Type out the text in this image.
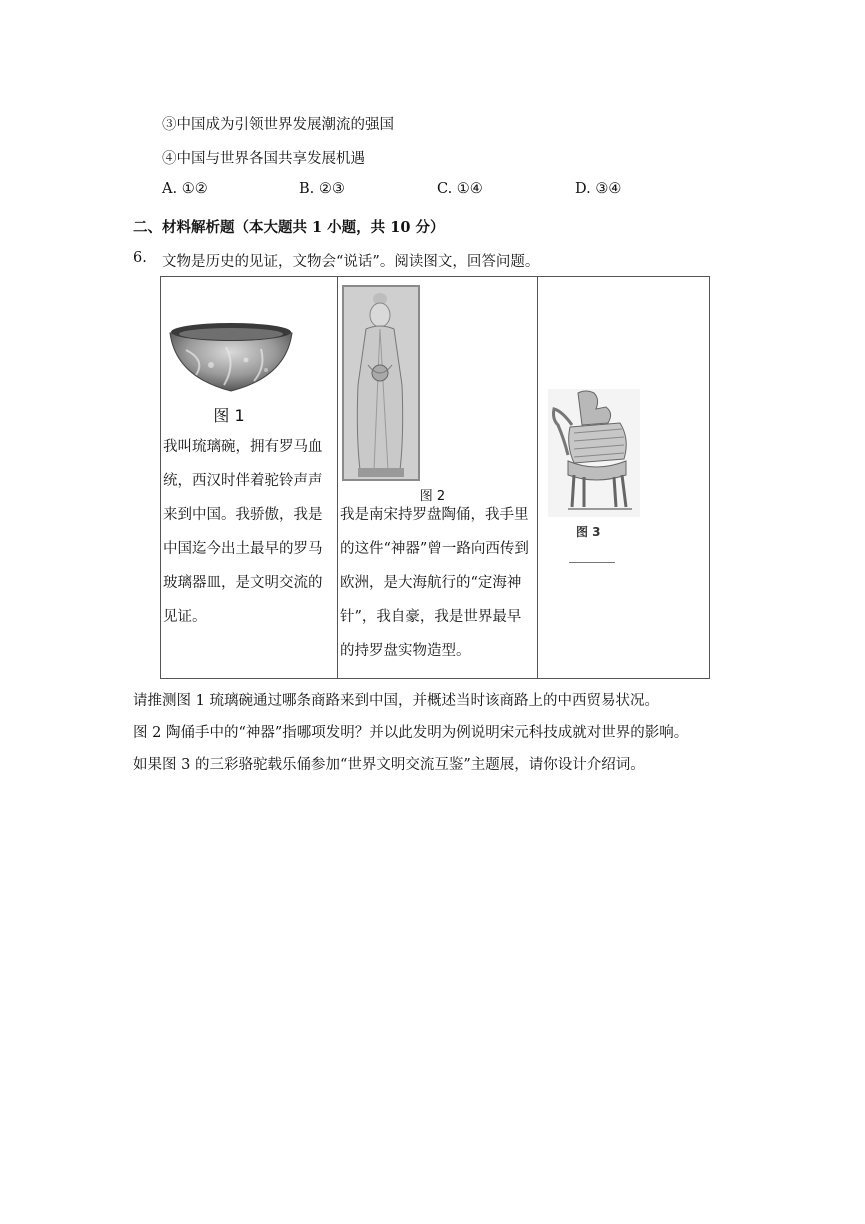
③中国成为引领世界发展潮流的强国
④中国与世界各国共享发展机遇
A. ①②	B. ②③	C. ①④	D. ③④
二、材料解析题（本大题共 1 小题，共 10 分）
6. 文物是历史的见证，文物会“说话”。阅读图文，回答问题。
图 1
我叫琉璃碗，拥有罗马血统，西汉时伴着驼铃声声来到中国。我骄傲，我是中国迄今出土最早的罗马玻璃器皿，是文明交流的见证。

图 2
我是南宋持罗盘陶俑，我手里的这件“神器”曾一路向西传到欧洲，是大海航行的“定海神针”，我自豪，我是世界最早的持罗盘实物造型。

图 3
请推测图 1 琉璃碗通过哪条商路来到中国，并概述当时该商路上的中西贸易状况。
图 2 陶俑手中的“神器”指哪项发明？并以此发明为例说明宋元科技成就对世界的影响。
如果图 3 的三彩骆驼载乐俑参加“世界文明交流互鉴”主题展，请你设计介绍词。
